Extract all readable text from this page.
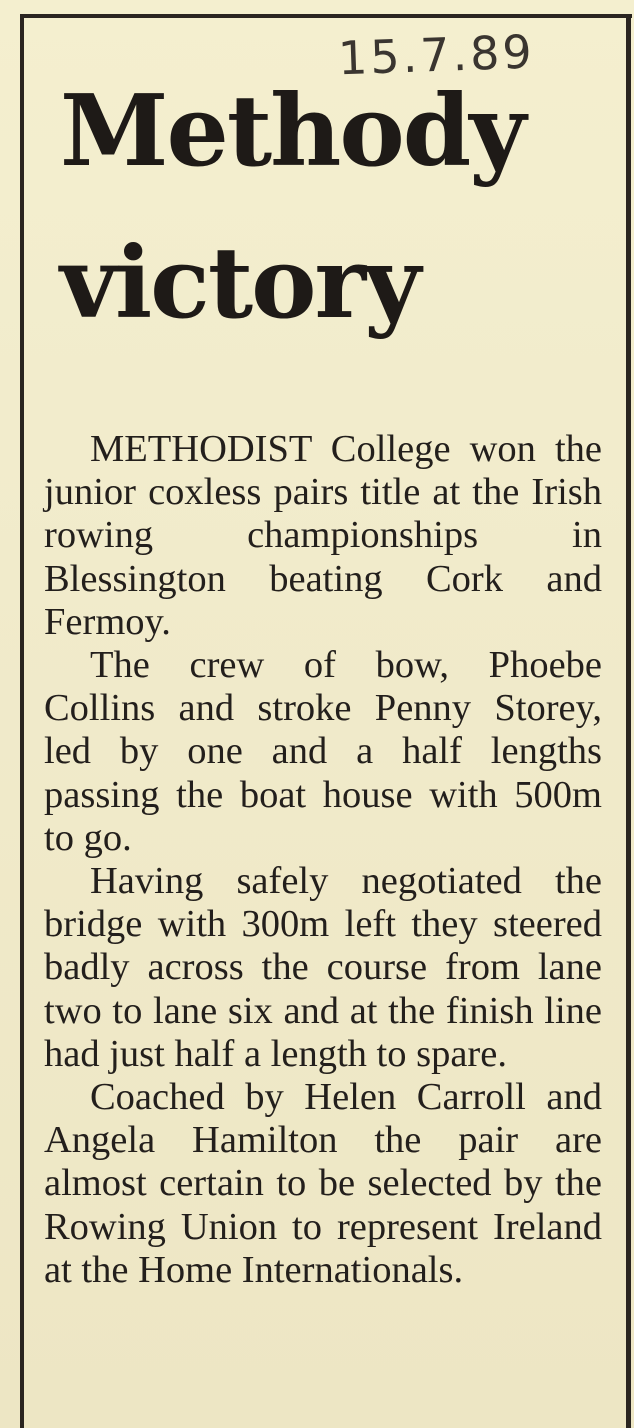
15.7.89
Methody
victory

METHODIST College won the junior coxless pairs title at the Irish rowing championships in Blessington beating Cork and Fermoy.

The crew of bow, Phoebe Collins and stroke Penny Storey, led by one and a half lengths passing the boat house with 500m to go.

Having safely negotiated the bridge with 300m left they steered badly across the course from lane two to lane six and at the finish line had just half a length to spare.

Coached by Helen Carroll and Angela Hamilton the pair are almost certain to be selected by the Rowing Union to represent Ireland at the Home Internationals.
